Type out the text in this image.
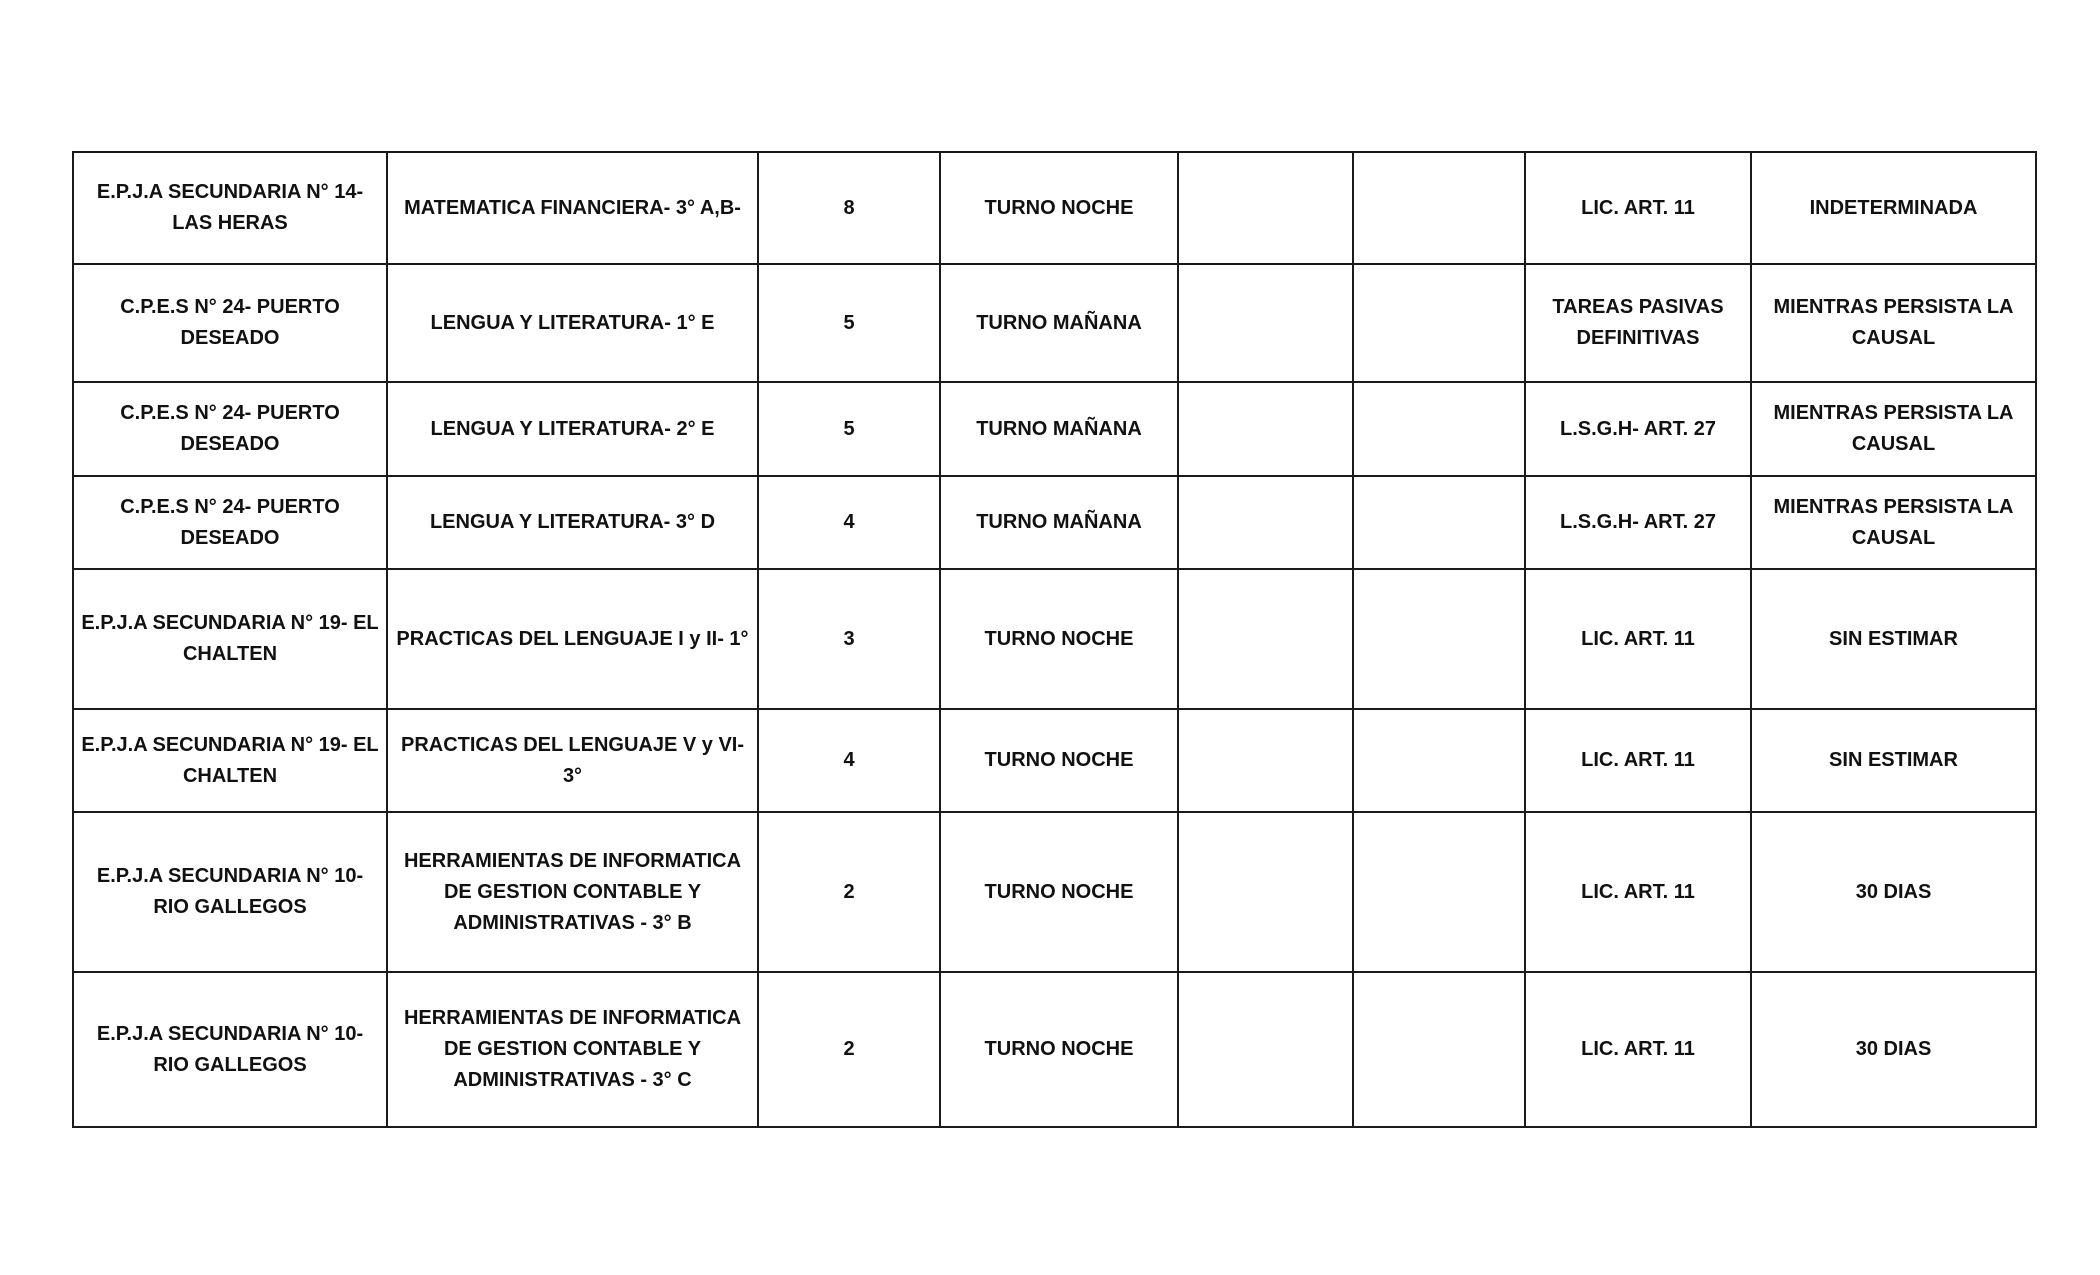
E.P.J.A SECUNDARIA N° 14- LAS HERAS	MATEMATICA FINANCIERA- 3° A,B-	8	TURNO NOCHE			LIC. ART. 11	INDETERMINADA
C.P.E.S N° 24- PUERTO DESEADO	LENGUA Y LITERATURA- 1° E	5	TURNO MAÑANA			TAREAS PASIVAS DEFINITIVAS	MIENTRAS PERSISTA LA CAUSAL
C.P.E.S N° 24- PUERTO DESEADO	LENGUA Y LITERATURA- 2° E	5	TURNO MAÑANA			L.S.G.H- ART. 27	MIENTRAS PERSISTA LA CAUSAL
C.P.E.S N° 24- PUERTO DESEADO	LENGUA Y LITERATURA- 3° D	4	TURNO MAÑANA			L.S.G.H- ART. 27	MIENTRAS PERSISTA LA CAUSAL
E.P.J.A SECUNDARIA N° 19- EL CHALTEN	PRACTICAS DEL LENGUAJE I y II- 1°	3	TURNO NOCHE			LIC. ART. 11	SIN ESTIMAR
E.P.J.A SECUNDARIA N° 19- EL CHALTEN	PRACTICAS DEL LENGUAJE V y VI- 3°	4	TURNO NOCHE			LIC. ART. 11	SIN ESTIMAR
E.P.J.A SECUNDARIA N° 10- RIO GALLEGOS	HERRAMIENTAS DE INFORMATICA DE GESTION CONTABLE Y ADMINISTRATIVAS - 3° B	2	TURNO NOCHE			LIC. ART. 11	30 DIAS
E.P.J.A SECUNDARIA N° 10- RIO GALLEGOS	HERRAMIENTAS DE INFORMATICA DE GESTION CONTABLE Y ADMINISTRATIVAS - 3° C	2	TURNO NOCHE			LIC. ART. 11	30 DIAS
